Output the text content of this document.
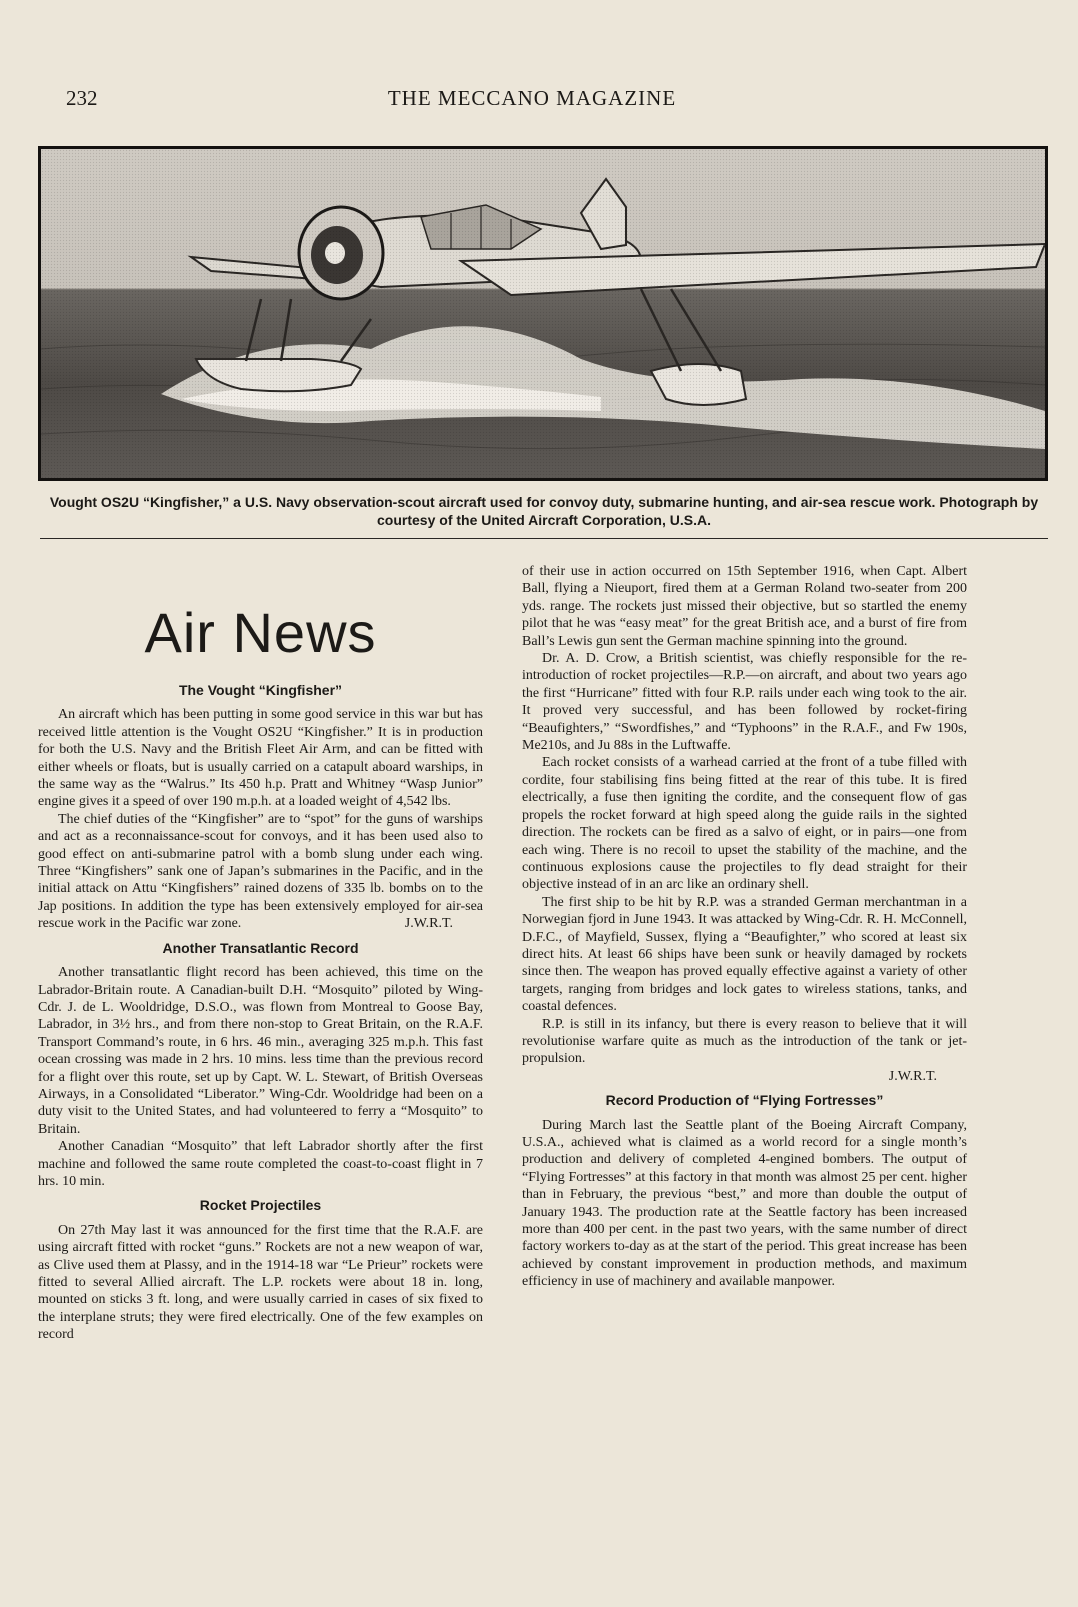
232	THE MECCANO MAGAZINE
Vought OS2U “Kingfisher,” a U.S. Navy observation-scout aircraft used for convoy duty, submarine hunting, and air-sea rescue work. Photograph by courtesy of the United Aircraft Corporation, U.S.A.
Air News
The Vought “Kingfisher”

An aircraft which has been putting in some good service in this war but has received little attention is the Vought OS2U “Kingfisher.” It is in production for both the U.S. Navy and the British Fleet Air Arm, and can be fitted with either wheels or floats, but is usually carried on a catapult aboard warships, in the same way as the “Walrus.” Its 450 h.p. Pratt and Whitney “Wasp Junior” engine gives it a speed of over 190 m.p.h. at a loaded weight of 4,542 lbs.

The chief duties of the “Kingfisher” are to “spot” for the guns of warships and act as a reconnaissance-scout for convoys, and it has been used also to good effect on anti-submarine patrol with a bomb slung under each wing. Three “Kingfishers” sank one of Japan’s submarines in the Pacific, and in the initial attack on Attu “Kingfishers” rained dozens of 335 lb. bombs on to the Jap positions. In addition the type has been extensively employed for air-sea rescue work in the Pacific war zone.	J.W.R.T.

Another Transatlantic Record

Another transatlantic flight record has been achieved, this time on the Labrador-Britain route. A Canadian-built D.H. “Mosquito” piloted by Wing-Cdr. J. de L. Wooldridge, D.S.O., was flown from Montreal to Goose Bay, Labrador, in 3½ hrs., and from there non-stop to Great Britain, on the R.A.F. Transport Command’s route, in 6 hrs. 46 min., averaging 325 m.p.h. This fast ocean crossing was made in 2 hrs. 10 mins. less time than the previous record for a flight over this route, set up by Capt. W. L. Stewart, of British Overseas Airways, in a Consolidated “Liberator.” Wing-Cdr. Wooldridge had been on a duty visit to the United States, and had volunteered to ferry a “Mosquito” to Britain.

Another Canadian “Mosquito” that left Labrador shortly after the first machine and followed the same route completed the coast-to-coast flight in 7 hrs. 10 min.

Rocket Projectiles

On 27th May last it was announced for the first time that the R.A.F. are using aircraft fitted with rocket “guns.” Rockets are not a new weapon of war, as Clive used them at Plassy, and in the 1914-18 war “Le Prieur” rockets were fitted to several Allied aircraft. The L.P. rockets were about 18 in. long, mounted on sticks 3 ft. long, and were usually carried in cases of six fixed to the interplane struts; they were fired electrically. One of the few examples on record

of their use in action occurred on 15th September 1916, when Capt. Albert Ball, flying a Nieuport, fired them at a German Roland two-seater from 200 yds. range. The rockets just missed their objective, but so startled the enemy pilot that he was “easy meat” for the great British ace, and a burst of fire from Ball’s Lewis gun sent the German machine spinning into the ground.

Dr. A. D. Crow, a British scientist, was chiefly responsible for the re-introduction of rocket projectiles—R.P.—on aircraft, and about two years ago the first “Hurricane” fitted with four R.P. rails under each wing took to the air. It proved very successful, and has been followed by rocket-firing “Beaufighters,” “Swordfishes,” and “Typhoons” in the R.A.F., and Fw 190s, Me210s, and Ju 88s in the Luftwaffe.

Each rocket consists of a warhead carried at the front of a tube filled with cordite, four stabilising fins being fitted at the rear of this tube. It is fired electrically, a fuse then igniting the cordite, and the consequent flow of gas propels the rocket forward at high speed along the guide rails in the sighted direction. The rockets can be fired as a salvo of eight, or in pairs—one from each wing. There is no recoil to upset the stability of the machine, and the continuous explosions cause the projectiles to fly dead straight for their objective instead of in an arc like an ordinary shell.

The first ship to be hit by R.P. was a stranded German merchantman in a Norwegian fjord in June 1943. It was attacked by Wing-Cdr. R. H. McConnell, D.F.C., of Mayfield, Sussex, flying a “Beaufighter,” who scored at least six direct hits. At least 66 ships have been sunk or heavily damaged by rockets since then. The weapon has proved equally effective against a variety of other targets, ranging from bridges and lock gates to wireless stations, tanks, and coastal defences.

R.P. is still in its infancy, but there is every reason to believe that it will revolutionise warfare quite as much as the introduction of the tank or jet-propulsion.

J.W.R.T.
Record Production of “Flying Fortresses”

During March last the Seattle plant of the Boeing Aircraft Company, U.S.A., achieved what is claimed as a world record for a single month’s production and delivery of completed 4-engined bombers. The output of “Flying Fortresses” at this factory in that month was almost 25 per cent. higher than in February, the previous “best,” and more than double the output of January 1943. The production rate at the Seattle factory has been increased more than 400 per cent. in the past two years, with the same number of direct factory workers to-day as at the start of the period. This great increase has been achieved by constant improvement in production methods, and maximum efficiency in use of machinery and available manpower.
